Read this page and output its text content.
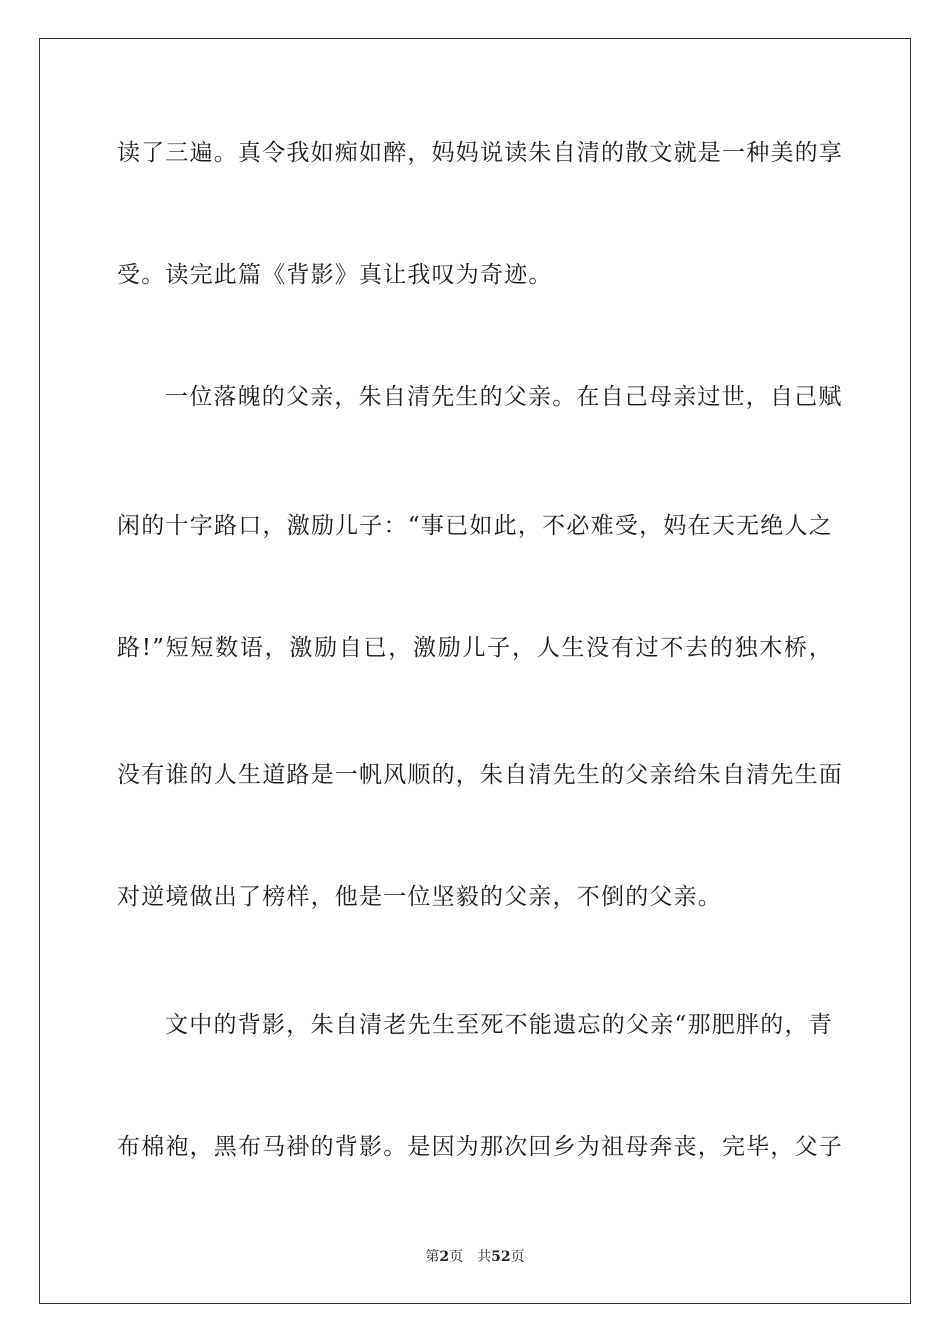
读了三遍。真令我如痴如醉，妈妈说读朱自清的散文就是一种美的享
受。读完此篇《背影》真让我叹为奇迹。
一位落魄的父亲，朱自清先生的父亲。在自己母亲过世，自己赋
闲的十字路口，激励儿子：“事已如此，不必难受，妈在天无绝人之
路!”短短数语，激励自已，激励儿子，人生没有过不去的独木桥，
没有谁的人生道路是一帆风顺的，朱自清先生的父亲给朱自清先生面
对逆境做出了榜样，他是一位坚毅的父亲，不倒的父亲。
文中的背影，朱自清老先生至死不能遗忘的父亲“那肥胖的，青
布棉袍，黑布马褂的背影。是因为那次回乡为祖母奔丧，完毕，父子
第2页 共52页
